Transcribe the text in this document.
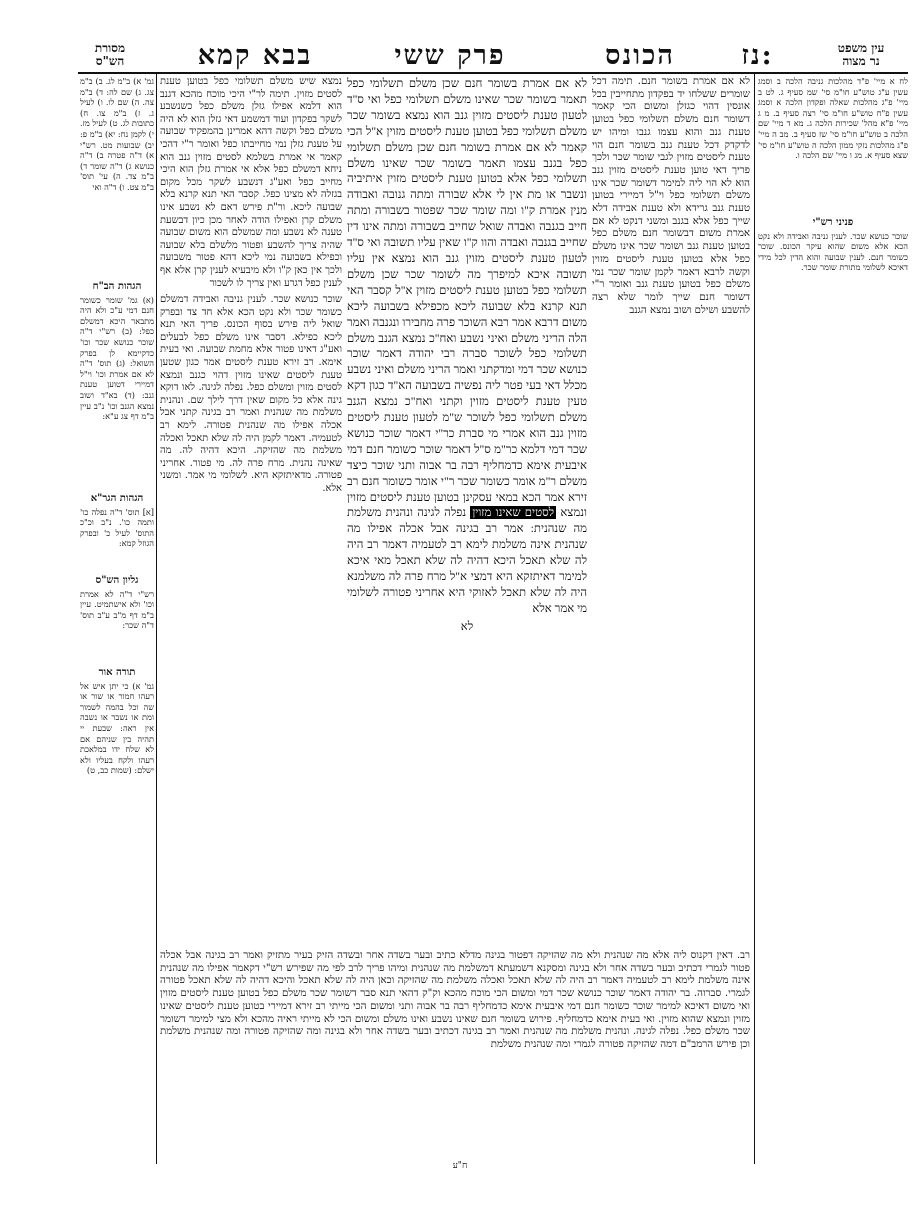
עין משפט
נר מצוה
נז:
הכונס
פרק ששי
בבא קמא
מסורת
הש"ס

לח א מיי' פ"ד מהלכות גניבה הלכה ב וסמג עשין ע"ג טוש"ע חו"מ סי' שמ סעיף ג. לט ב מיי' פ"ג מהלכות שאלה ופקדון הלכה א וסמג עשין פ"ח טוש"ע חו"מ סי' רצה סעיף ב. מ ג מיי' פ"א מהל' שכירות הלכה ג. מא ד מיי' שם הלכה ב טוש"ע חו"מ סי' שז סעיף ב. מב ה מיי' פ"ג מהלכות נזקי ממון הלכה ה טוש"ע חו"מ סי' שצא סעיף א. מג ו מיי' שם הלכה ו.

פניני רש"י

שוכר כנושא שכר. לענין גניבה ואבידה ולא נקט הכא אלא משום שהוא עיקר הכונס. שוכר כשומר חנם. לענין שבועה והוא הדין לכל מידי דאיכא לשלומי מתורת שומר שכר.

גמ' א) ב"מ לג. ב) ב"מ צג. ג) שם לה: ד) ב"מ צה. ה) שם לו. ו) לעיל ג. ז) ב"מ צו. ח) כתובות לג. ט) לעיל מז. י) לקמן נח: יא) ב"מ פ: יב) שבועות מט. רש"י א) ד"ה פטרה ב) ד"ה כנושא ג) ד"ה שומר ד) ב"מ צד. ה) עי' תוס' ב"מ צט. ו) ד"ה ואי

הגהות הב"ח

(א) גמ' שומר כשומר חנם דמי ע"כ ולא היה מתבאר היכא דמשלם כפל: (ב) רש"י ד"ה שוכר כנושא שכר וכו' כדקיימא לן בפרק השואל: (ג) תוס' ד"ה לא אם אמרת וכו' וי"ל דמיירי דטוען טענת גנב: (ד) בא"ד ושוב נמצא הגנב וכו' נ"ב עיין ב"מ דף צג ע"א:

הגהות הגר"א

[א] תוס' ד"ה נפלה כו' ותמה כו'. נ"ב וכ"כ התוס' לעיל כ' ובפרק הגוזל קמא:

גליון הש"ס

רש"י ד"ה לא אמרת וכו' ולא אישתמיט. עיין ב"מ דף מ"ב ע"ב תוס' ד"ה שכר:

תורה אור

גמ' א) כי יתן איש אל רעהו חמור או שור או שה וכל בהמה לשמור ומת או נשבר או נשבה אין ראה: שבעת יי תהיה בין שניהם אם לא שלח ידו במלאכת רעהו ולקח בעליו ולא ישלם: (שמות כב, ט)

לא אם אמרת בשומר חנם. תימה דכל שומרים ששלחו יד בפקדון מתחייבין בכל אונסין דהוי כגזלן ומשום הכי קאמר דשומר חנם משלם תשלומי כפל בטוען טענת גנב והוא עצמו גנבו ומיהו יש לדקדק דכל טענת גנב בשומר חנם הוי טענת ליסטים מזוין לגבי שומר שכר ולכך פריך דאי טוען טענת ליסטים מזוין גנב הוא לא הוי ליה למימר דשומר שכר אינו משלם תשלומי כפל וי"ל דמיירי בטוען טענת גנב גרידא ולא טענת אבידה דלא שייך כפל אלא בגנב ומשני דנקט לא אם אמרת משום דבשומר חנם משלם כפל בטוען טענת גנב ושומר שכר אינו משלם כפל אלא בטוען טענת ליסטים מזוין וקשה לרבא דאמר לקמן שומר שכר נמי משלם כפל בטוען טענת גנב ואומר ר"י דשומר חנם שייך לומר שלא רצה להשבע ושילם ושוב נמצא הגנב

לא אם אמרת בשומר חנם שכן משלם תשלומי כפל תאמר בשומר שכר שאינו משלם תשלומי כפל ואי ס"ד לטעון טענת ליסטים מזוין גנב הוא נמצא בשומר שכר משלם תשלומי כפל בטוען טענת ליסטים מזוין א"ל הכי קאמר לא אם אמרת בשומר חנם שכן משלם תשלומי כפל בגנב עצמו תאמר בשומר שכר שאינו משלם תשלומי כפל אלא בטוען טענת ליסטים מזוין איתיביה ונשבר או מת אין לי אלא שבורה ומתה גנובה ואבודה מנין אמרת ק"ו ומה שומר שכר שפטור בשבורה ומתה חייב בגנבה ואבדה שואל שחייב בשבורה ומתה אינו דין שחייב בגנבה ואבדה והוו ק"ו שאין עליו תשובה ואי ס"ד לטעון טענת ליסטים מזוין גנב הוא נמצא אין עליו תשובה איכא למיפרך מה לשומר שכר שכן משלם תשלומי כפל בטוען טענת ליסטים מזוין א"ל קסבר האי תנא קרנא בלא שבועה ליכא מכפילא בשבועה ליכא משום דרבא אמר רבא השוכר פרה מחבירו ונגנבה ואמר הלה הריני משלם ואיני נשבע ואח"כ נמצא הגנב משלם תשלומי כפל לשוכר סברה רבי יהודה דאמר שוכר כנושא שכר דמי ומדקתני ואמר הריני משלם ואיני נשבע מכלל דאי בעי פטר ליה נפשיה בשבועה הא"ד כגון דקא טעין טענת ליסטים מזוין וקתני ואח"כ נמצא הגנב משלם תשלומי כפל לשוכר ש"מ לטעון טענת ליסטים מזוין גנב הוא אמרי מי סברת כר"י דאמר שוכר כנושא שכר דמי דלמא כר"מ ס"ל דאמר שוכר כשומר חנם דמי איבעית אימא כדמחליף רבה בר אבוה ותני שוכר כיצד משלם ר"מ אומר כשומר שכר ר"י אומר כשומר חנם רב זירא אמר הכא במאי עסקינן בטוען טענת ליסטים מזוין ונמצא לסטים שאינו מזוין נפלה לגינה ונהנית משלמת מה שנהנית: אמר רב בגינה אבל אכלה אפילו מה שנהנית אינה משלמת לימא רב לטעמיה דאמר רב היה לה שלא תאכל היכא דהיה לה שלא תאכל מאי איכא למימר דאיתזקא היא דמצי א"ל מרח פרה לה משלמנא היה לה שלא תאכל לאזוקי היא אחריני פטורה לשלומי מי אמר אלא

לא

נמצא שיש משלם תשלומי כפל בטוען טענת לסטים מזוין. תימה לר"י היכי מוכח מהכא דגנב הוא דלמא אפילו גזלן משלם כפל כשנשבע לשקר בפקדון ועוד דמשמע דאי גזלן הוא לא היה משלם כפל וקשה דהא אמרינן בהמפקיד שבועה על טענת גזלן נמי מחייבתו כפל ואומר ר"י דהכי קאמר אי אמרת בשלמא לסטים מזוין גנב הוא ניחא דמשלם כפל אלא אי אמרת גזלן הוא היכי מחייב כפל ואע"ג דנשבע לשקר מכל מקום בגזלה לא מצינו כפל. קסבר האי תנא קרנא בלא שבועה ליכא. ור"ת פירש דאם לא נשבע אינו משלם קרן ואפילו הודה לאחר מכן כיון דבשעת טענה לא נשבע ומה שמשלם הוא משום שבועה שהיה צריך להשבע ופטור מלשלם בלא שבועה וכפילא בשבועה נמי ליכא דהא פטור משבועה ולכך אין כאן ק"ו ולא מיבעיא לענין קרן אלא אף לענין כפל דגרע ואין צריך לו לשכור

שוכר כנושא שכר. לענין גניבה ואבידה דמשלם כשומר שכר ולא נקט הכא אלא חד צד ובפרק שואל ליה פירש בסוף הכונס. פריך האי תנא ליכא כפילא. דסבר אינו משלם כפל לבעלים ואע"ג דאינו פטור אלא מחמת שבועה. ואי בעית אימא. רב זירא טענת ליסטים אמר כגון שטען טענת ליסטים שאינו מזוין דהוי כגנב ונמצא לסטים מזוין ומשלם כפל. נפלה לגינה. לאו דוקא גינה אלא כל מקום שאין דרך לילך שם. ונהנית משלמת מה שנהנית ואמר רב בגינה קתני אבל אכלה אפילו מה שנהנית פטורה. לימא רב לטעמיה. דאמר לקמן היה לה שלא תאכל ואכלה משלמת מה שהזיקה. היכא דהיה לה. מה שאינה נהנית. מרח פרה לה. מי פטור. אחריני פטורה. מדאיתזקא היא. לשלומי מי אמר. ומשני אלא.

רב. דאין דקנוס ליה אלא מה שנהנית ולא מה שהזיקה דפטור בגינה מדלא כתיב ובער בשדה אחר ובשדה הזיק בעיר מתזיק ואמר רב בגינה אבל אכלה פטור לגמרי דכתיב ובער בשדה אחר ולא בגינה ומסקנא דשמעתא דמשלמת מה שנהנית ומיהו פריך לרב לפי מה שפירש רש"י דקאמר אפילו מה שנהנית אינה משלמת לימא רב לטעמיה דאמר רב היה לה שלא תאכל ואכלה משלמת מה שהזיקה וכאן היה לה שלא תאכל והיכא דהיה לה שלא תאכל פטורה לגמרי. סברוה. בר יהודה דאמר שוכר כנושא שכר דמי ומשום הכי מוכח מהכא וק"ק דהאי תנא סבר דשומר שכר משלם כפל בטוען טענת ליסטים מזוין ואי משום דאיכא למימר שוכר כשומר חנם דמי איבעית אימא כדמחליף רבה בר אבוה ותני ומשום הכי מייתי רב זירא דמיירי בטוען טענת ליסטים שאינו מזוין ונמצא שהוא מזוין. ואי בעית אימא כדמחליף. פירוש בשומר חנם שאינו נשבע ואינו משלם ומשום הכי לא מייתי ראיה מהכא ולא מצי למימר דשומר שכר משלם כפל. נפלה לגינה. ונהנית משלמת מה שנהנית ואמר רב בגינה דכתיב ובער בשדה אחר ולא בגינה ומה שהזיקה פטורה ומה שנהנית משלמת וכן פירש הרמב"ם דמה שהזיקה פטורה לגמרי ומה שנהנית משלמת

ח"ע
